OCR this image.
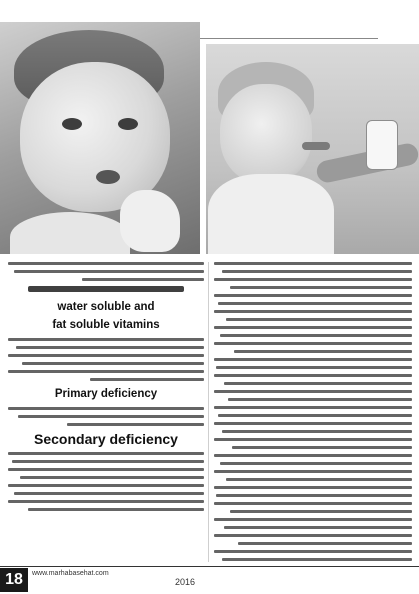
water soluble and
fat soluble vitamins
Primary deficiency
Secondary deficiency
18	www.marhabasehat.com
2016
